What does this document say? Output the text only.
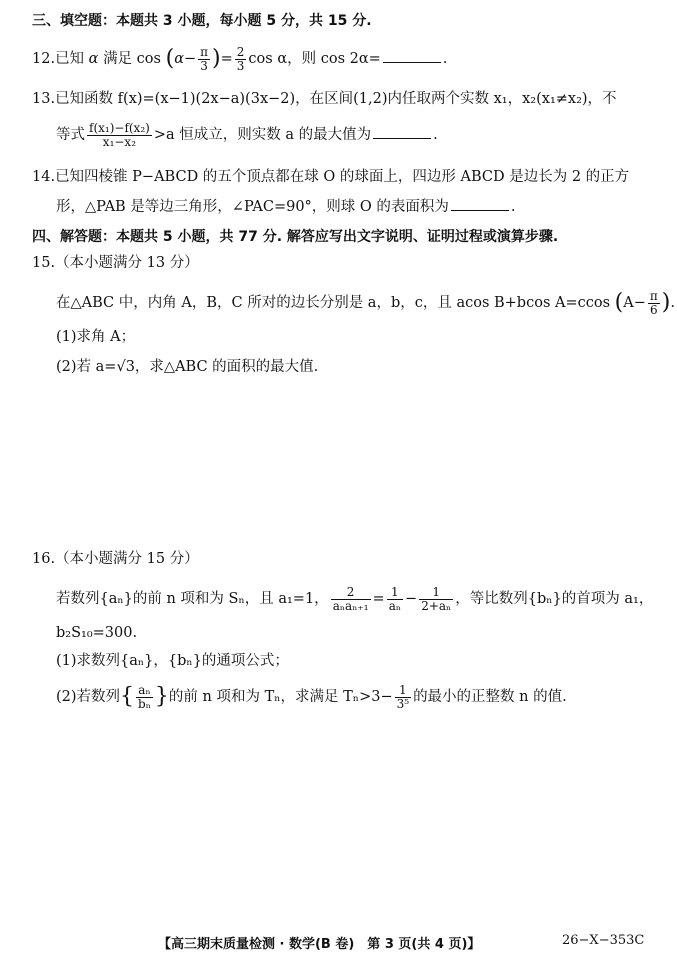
三、填空题：本题共 3 小题，每小题 5 分，共 15 分.
12.已知 α 满足 $\cos (\alpha- \frac{\pi}{3}$ )= $\frac{2}{3}$ cos α，则 cos 2α=	.
13.已知函数 f(x)=(x−1)(2x−a)(3x−2)，在区间(1,2)内任取两个实数 x₁，x₂(x₁≠x₂)，不
等式 $\frac{\text{f(x₁)−f(x₂)}}{\text{x₁−x₂}} >a$ 恒成立，则实数 a 的最大值为	.
14.已知四棱锥 P−ABCD 的五个顶点都在球 O 的球面上，四边形 ABCD 是边长为 2 的正方
形，△PAB 是等边三角形，∠PAC=90°，则球 O 的表面积为	.
四、解答题：本题共 5 小题，共 77 分. 解答应写出文字说明、证明过程或演算步骤.
15.（本小题满分 13 分）
在△ABC 中，内角 A，B，C 所对的边长分别是 a，b，c，且 acos B+bcos A=ccos ($A- \frac{\pi}{6}$ ).
(1)求角 A；
(2)若 a=√3，求△ABC 的面积的最大值.
16.（本小题满分 15 分）
若数列{aₙ}的前 n 项和为 Sₙ，且 a₁=1， $\frac{2}{\text{aₙaₙ₊₁}} = \frac{1}{\text{aₙ}} - \frac{1}{\text{2+aₙ}}$ ，等比数列{bₙ}的首项为 a₁，
b₂S₁₀=300.
(1)求数列{aₙ}，{bₙ}的通项公式；
(2)若数列{ $\frac{\text{aₙ}}{\text{bₙ}}$ }的前 n 项和为 Tₙ，求满足 $T_n>3- \frac{1}{\text{3⁵}}$ 的最小的正整数 n 的值.
【高三期末质量检测 · 数学(B 卷)　第 3 页(共 4 页)】	26−X−353C
